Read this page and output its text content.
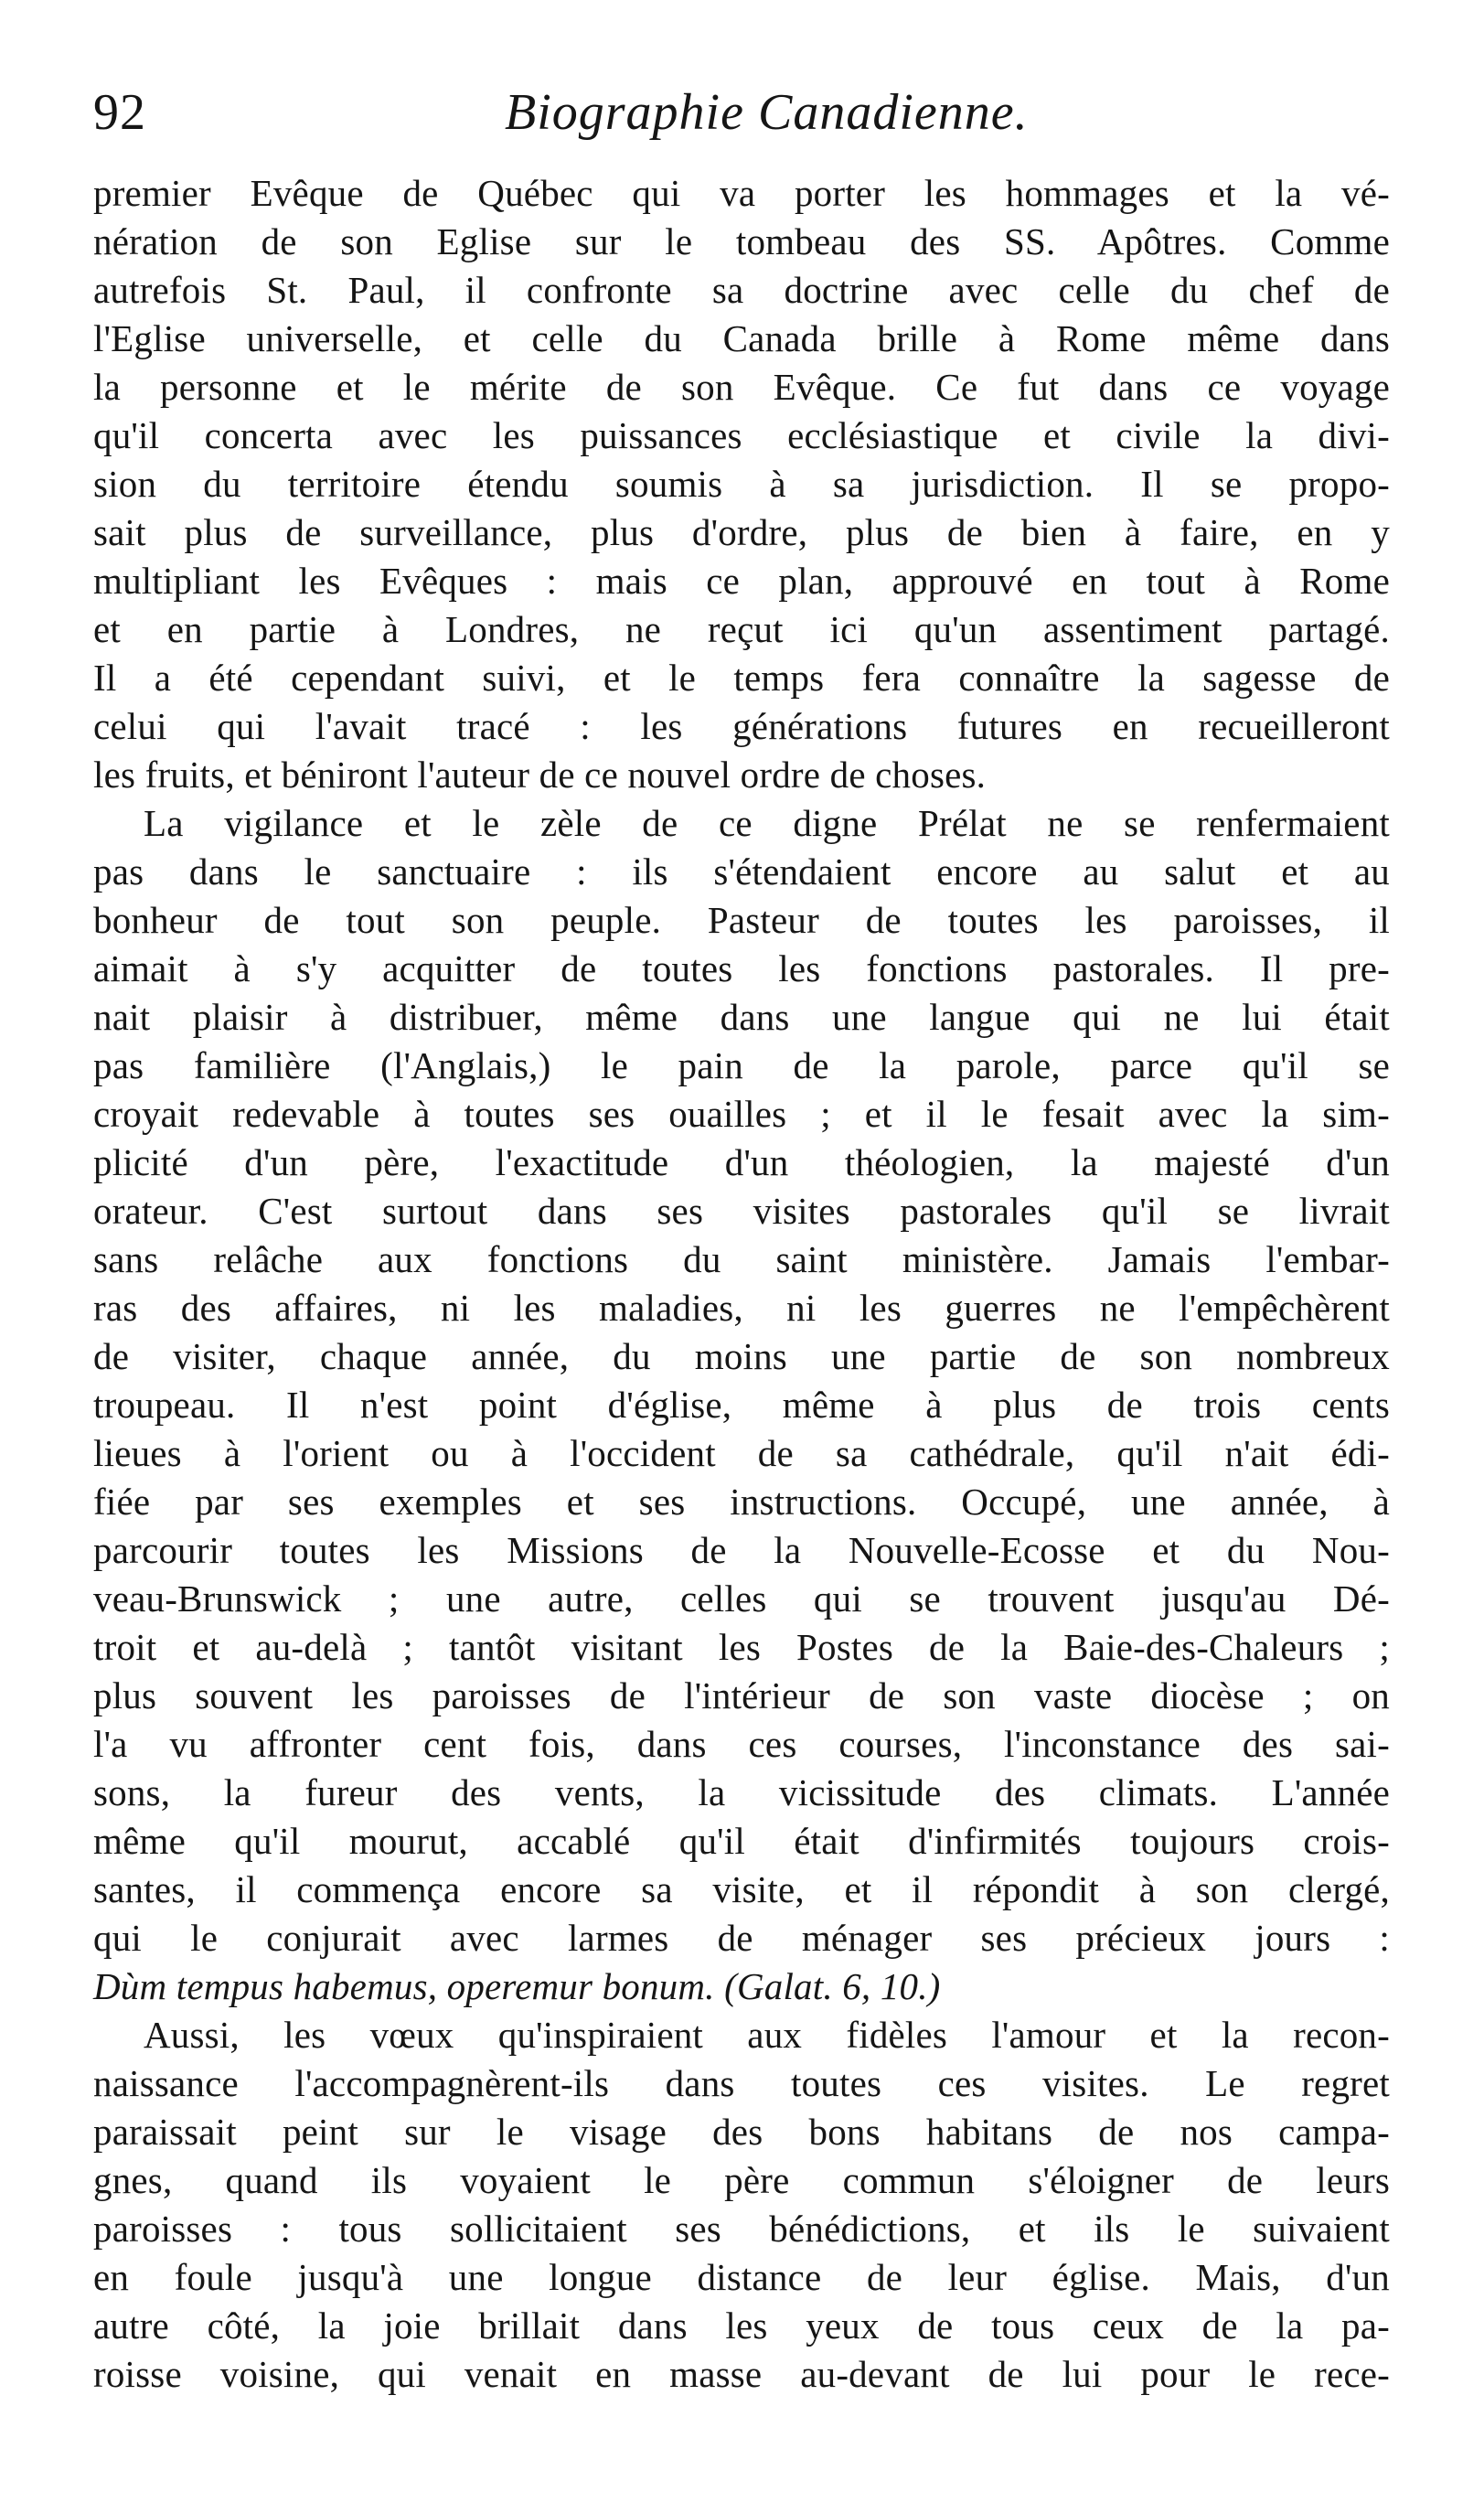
92	Biographie Canadienne.
premier Evêque de Québec qui va porter les hommages et la vé-
nération de son Eglise sur le tombeau des SS. Apôtres. Comme
autrefois St. Paul, il confronte sa doctrine avec celle du chef de
l'Eglise universelle, et celle du Canada brille à Rome même dans
la personne et le mérite de son Evêque. Ce fut dans ce voyage
qu'il concerta avec les puissances ecclésiastique et civile la divi-
sion du territoire étendu soumis à sa jurisdiction. Il se propo-
sait plus de surveillance, plus d'ordre, plus de bien à faire, en y
multipliant les Evêques : mais ce plan, approuvé en tout à Rome
et en partie à Londres, ne reçut ici qu'un assentiment partagé.
Il a été cependant suivi, et le temps fera connaître la sagesse de
celui qui l'avait tracé : les générations futures en recueilleront
les fruits, et béniront l'auteur de ce nouvel ordre de choses.
La vigilance et le zèle de ce digne Prélat ne se renfermaient
pas dans le sanctuaire : ils s'étendaient encore au salut et au
bonheur de tout son peuple. Pasteur de toutes les paroisses, il
aimait à s'y acquitter de toutes les fonctions pastorales. Il pre-
nait plaisir à distribuer, même dans une langue qui ne lui était
pas familière (l'Anglais,) le pain de la parole, parce qu'il se
croyait redevable à toutes ses ouailles ; et il le fesait avec la sim-
plicité d'un père, l'exactitude d'un théologien, la majesté d'un
orateur. C'est surtout dans ses visites pastorales qu'il se livrait
sans relâche aux fonctions du saint ministère. Jamais l'embar-
ras des affaires, ni les maladies, ni les guerres ne l'empêchèrent
de visiter, chaque année, du moins une partie de son nombreux
troupeau. Il n'est point d'église, même à plus de trois cents
lieues à l'orient ou à l'occident de sa cathédrale, qu'il n'ait édi-
fiée par ses exemples et ses instructions. Occupé, une année, à
parcourir toutes les Missions de la Nouvelle-Ecosse et du Nou-
veau-Brunswick ; une autre, celles qui se trouvent jusqu'au Dé-
troit et au-delà ; tantôt visitant les Postes de la Baie-des-Chaleurs ;
plus souvent les paroisses de l'intérieur de son vaste diocèse ; on
l'a vu affronter cent fois, dans ces courses, l'inconstance des sai-
sons, la fureur des vents, la vicissitude des climats. L'année
même qu'il mourut, accablé qu'il était d'infirmités toujours crois-
santes, il commença encore sa visite, et il répondit à son clergé,
qui le conjurait avec larmes de ménager ses précieux jours :
Dùm tempus habemus, operemur bonum. (Galat. 6, 10.)
Aussi, les vœux qu'inspiraient aux fidèles l'amour et la recon-
naissance l'accompagnèrent-ils dans toutes ces visites. Le regret
paraissait peint sur le visage des bons habitans de nos campa-
gnes, quand ils voyaient le père commun s'éloigner de leurs
paroisses : tous sollicitaient ses bénédictions, et ils le suivaient
en foule jusqu'à une longue distance de leur église. Mais, d'un
autre côté, la joie brillait dans les yeux de tous ceux de la pa-
roisse voisine, qui venait en masse au-devant de lui pour le rece-
